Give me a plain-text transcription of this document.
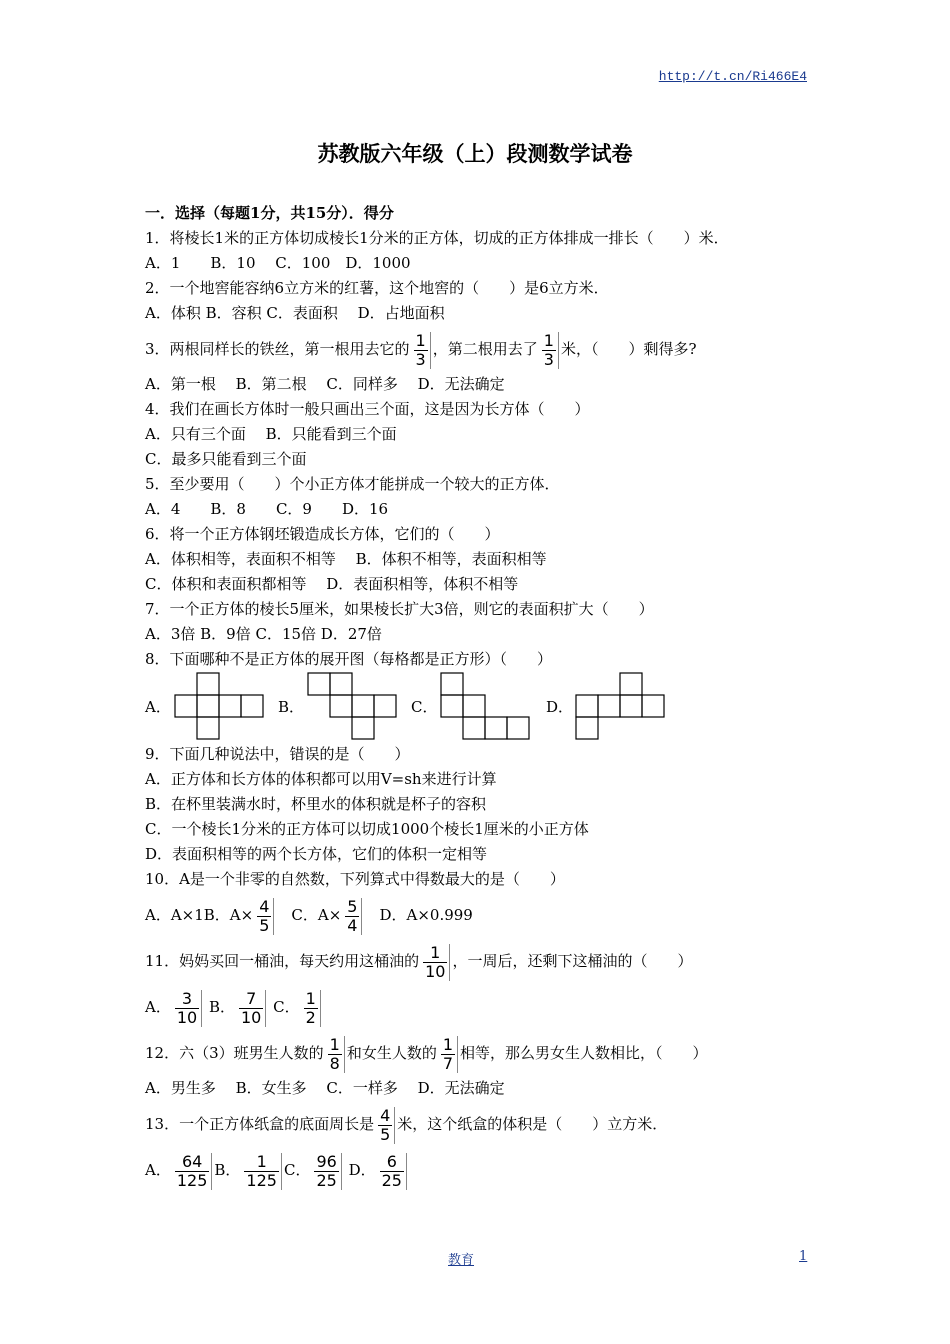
http://t.cn/Ri466E4
苏教版六年级（上）段测数学试卷
一．选择（每题1分，共15分）．得分
1．将棱长1米的正方体切成棱长1分米的正方体，切成的正方体排成一排长（　　）米．
A．1　　B．10　 C．100　D．1000
2．一个地窖能容纳6立方米的红薯，这个地窖的（　　）是6立方米．
A．体积 B．容积 C．表面积　 D．占地面积
3．两根同样长的铁丝，第一根用去它的 $\frac{1}{3}$ ，第二根用去了 $\frac{1}{3}$ 米，（　　）剩得多?
A．第一根　 B．第二根　 C．同样多　 D．无法确定
4．我们在画长方体时一般只画出三个面，这是因为长方体（　　）
A．只有三个面　 B．只能看到三个面
C．最多只能看到三个面
5．至少要用（　　）个小正方体才能拼成一个较大的正方体．
A．4　　B．8　　C．9　　D．16
6．将一个正方体钢坯锻造成长方体，它们的（　　）
A．体积相等，表面积不相等　 B．体积不相等，表面积相等
C．体积和表面积都相等　 D．表面积相等，体积不相等
7．一个正方体的棱长5厘米，如果棱长扩大3倍，则它的表面积扩大（　　）
A．3倍 B．9倍 C．15倍 D．27倍
8．下面哪种不是正方体的展开图（每格都是正方形）（　　）
A．	B．	C．	D．
9．下面几种说法中，错误的是（　　）
A．正方体和长方体的体积都可以用V=sh来进行计算
B．在杯里装满水时，杯里水的体积就是杯子的容积
C．一个棱长1分米的正方体可以切成1000个棱长1厘米的小正方体
D．表面积相等的两个长方体，它们的体积一定相等
10．A是一个非零的自然数，下列算式中得数最大的是（　　）
A．A×1B．$A\times \frac{4}{5}$ 　C．$A\times \frac{5}{4}$ 　D．A×0.999
11．妈妈买回一桶油，每天约用这桶油的 $\frac{1}{10}$ ，一周后，还剩下这桶油的（　　）
A． $\frac{3}{10}$ B． $\frac{7}{10}$ C． $\frac{1}{2}$
12．六（3）班男生人数的 $\frac{1}{8}$ 和女生人数的 $\frac{1}{7}$ 相等，那么男女生人数相比，（　　）
A．男生多　 B．女生多　 C．一样多　 D．无法确定
13．一个正方体纸盒的底面周长是 $\frac{4}{5}$ 米，这个纸盒的体积是（　　）立方米．
A． $\frac{64}{125}$ B． $\frac{1}{125}$ C． $\frac{96}{25}$ D． $\frac{6}{25}$
教育	1
